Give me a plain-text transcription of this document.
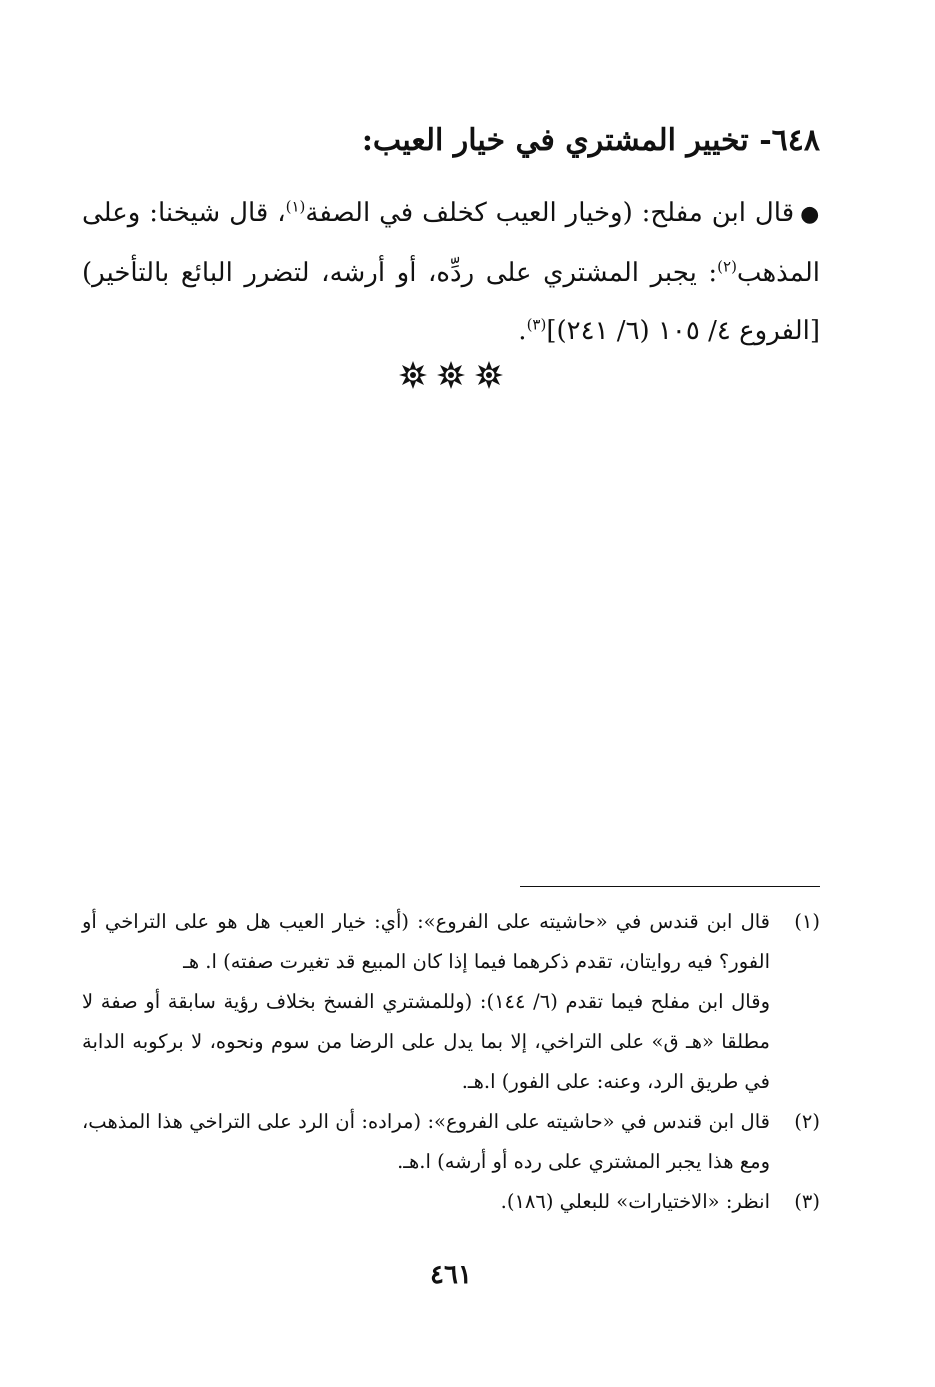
٦٤٨- تخيير المشتري في خيار العيب:
●قال ابن مفلح: (وخيار العيب كخلف في الصفة$^{(١)}$، قال شيخنا: وعلى المذهب$^{(٢)}$: يجبر المشتري على ردِّه، أو أرشه، لتضرر البائع بالتأخير) [الفروع ٤/ ١٠٥ (٦/ ٢٤١)]$^{(٣)}$.
(١)

قال ابن قندس في «حاشيته على الفروع»: (أي: خيار العيب هل هو على التراخي أو الفور؟ فيه روايتان، تقدم ذكرهما فيما إذا كان المبيع قد تغيرت صفته) ا. هـ

وقال ابن مفلح فيما تقدم (٦/ ١٤٤): (وللمشتري الفسخ بخلاف رؤية سابقة أو صفة لا مطلقا «هـ ق» على التراخي، إلا بما يدل على الرضا من سوم ونحوه، لا بركوبه الدابة في طريق الرد، وعنه: على الفور) ا.هـ.

(٢)

قال ابن قندس في «حاشيته على الفروع»: (مراده: أن الرد على التراخي هذا المذهب، ومع هذا يجبر المشتري على رده أو أرشه) ا.هـ.

(٣)

انظر: «الاختيارات» للبعلي (١٨٦).

٤٦١
